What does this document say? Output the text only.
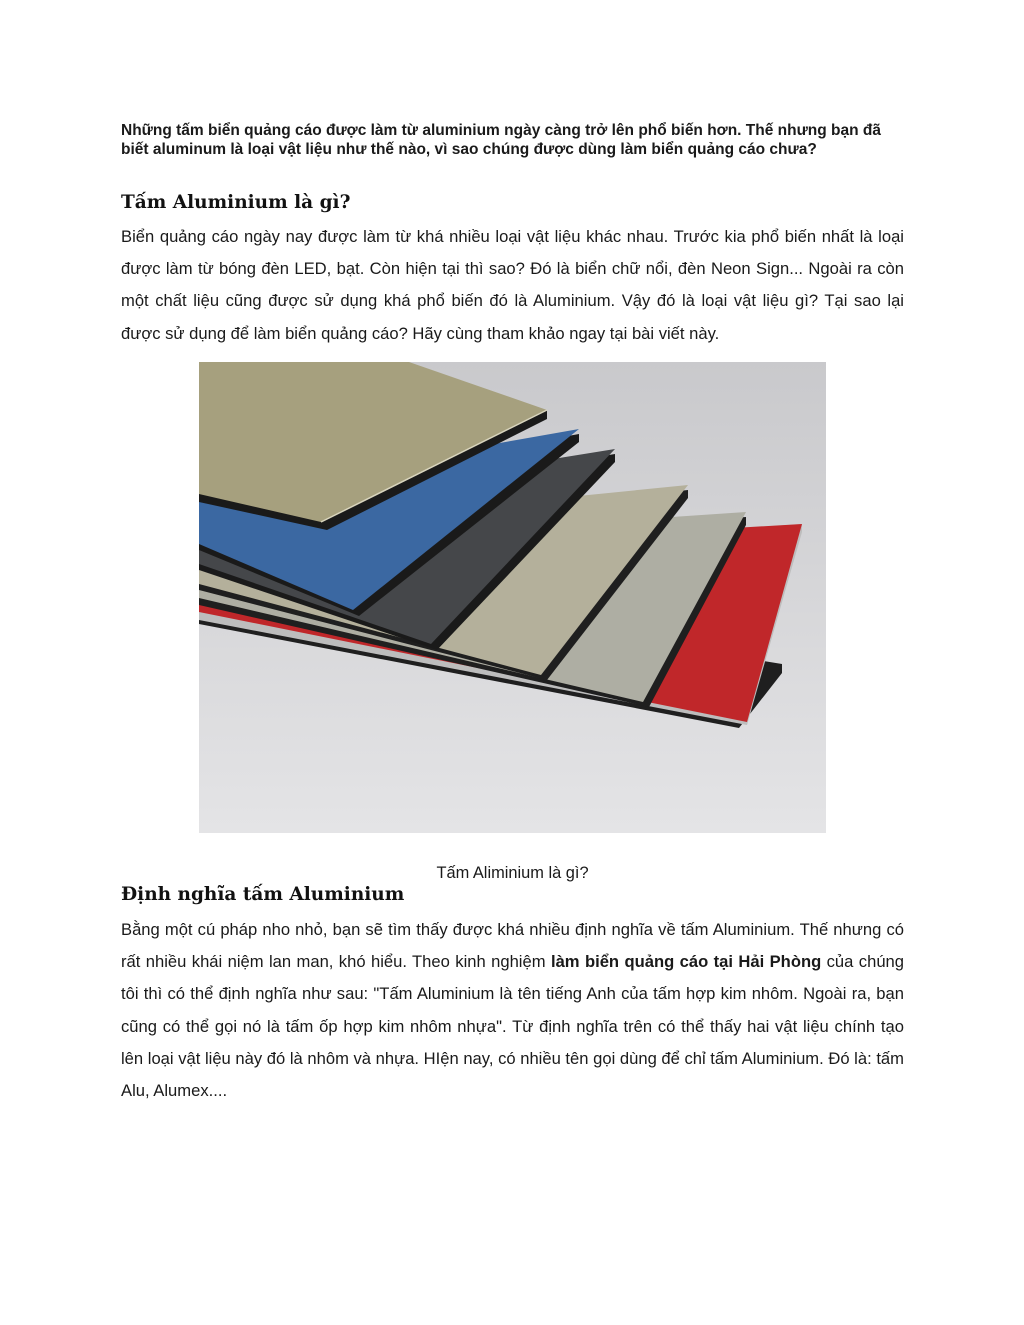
Những tấm biển quảng cáo được làm từ aluminium ngày càng trở lên phổ biến hơn. Thế nhưng bạn đã biết aluminum là loại vật liệu như thế nào, vì sao chúng được dùng làm biển quảng cáo chưa?

Tấm Aluminium là gì?

Biển quảng cáo ngày nay được làm từ khá nhiều loại vật liệu khác nhau. Trước kia phổ biến nhất là loại được làm từ bóng đèn LED, bạt. Còn hiện tại thì sao? Đó là biển chữ nổi, đèn Neon Sign... Ngoài ra còn một chất liệu cũng được sử dụng khá phổ biến đó là Aluminium. Vậy đó là loại vật liệu gì? Tại sao lại được sử dụng để làm biển quảng cáo? Hãy cùng tham khảo ngay tại bài viết này.

Tấm Aliminium là gì?

Định nghĩa tấm Aluminium

Bằng một cú pháp nho nhỏ, bạn sẽ tìm thấy được khá nhiều định nghĩa về tấm Aluminium. Thế nhưng có rất nhiều khái niệm lan man, khó hiểu. Theo kinh nghiệm làm biển quảng cáo tại Hải Phòng của chúng tôi thì có thể định nghĩa như sau: "Tấm Aluminium là tên tiếng Anh của tấm hợp kim nhôm. Ngoài ra, bạn cũng có thể gọi nó là tấm ốp hợp kim nhôm nhựa". Từ định nghĩa trên có thể thấy hai vật liệu chính tạo lên loại vật liệu này đó là nhôm và nhựa. HIện nay, có nhiều tên gọi dùng để chỉ tấm Aluminium. Đó là: tấm Alu, Alumex....
